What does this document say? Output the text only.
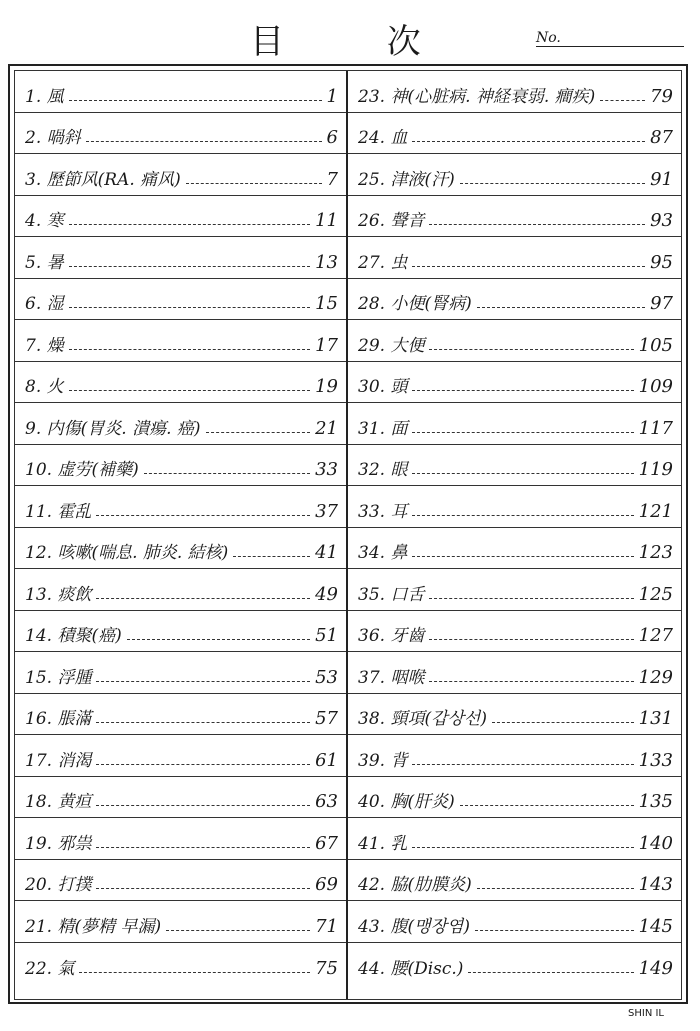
目 次	No.
1. 風	1
2. 喎斜	6
3. 歷節风(RA. 痛风)	7
4. 寒	11
5. 暑	13
6. 湿	15
7. 燥	17
8. 火	19
9. 内傷(胃炎. 潰瘍. 癌)	21
10. 虚劳(補藥)	33
11. 霍乱	37
12. 咳嗽(喘息. 肺炎. 結核)	41
13. 痰飲	49
14. 積聚(癌)	51
15. 浮腫	53
16. 脹滿	57
17. 消渴	61
18. 黄疸	63
19. 邪祟	67
20. 打撲	69
21. 精(夢精 早漏)	71
22. 氣	75
23. 神(心脏病. 神経衰弱. 癎疾)	79
24. 血	87
25. 津液(汗)	91
26. 聲音	93
27. 虫	95
28. 小便(腎病)	97
29. 大便	105
30. 頭	109
31. 面	117
32. 眼	119
33. 耳	121
34. 鼻	123
35. 口舌	125
36. 牙齒	127
37. 咽喉	129
38. 頸項(갑상선)	131
39. 背	133
40. 胸(肝炎)	135
41. 乳	140
42. 脇(肋膜炎)	143
43. 腹(맹장염)	145
44. 腰(Disc.)	149
SHIN IL
